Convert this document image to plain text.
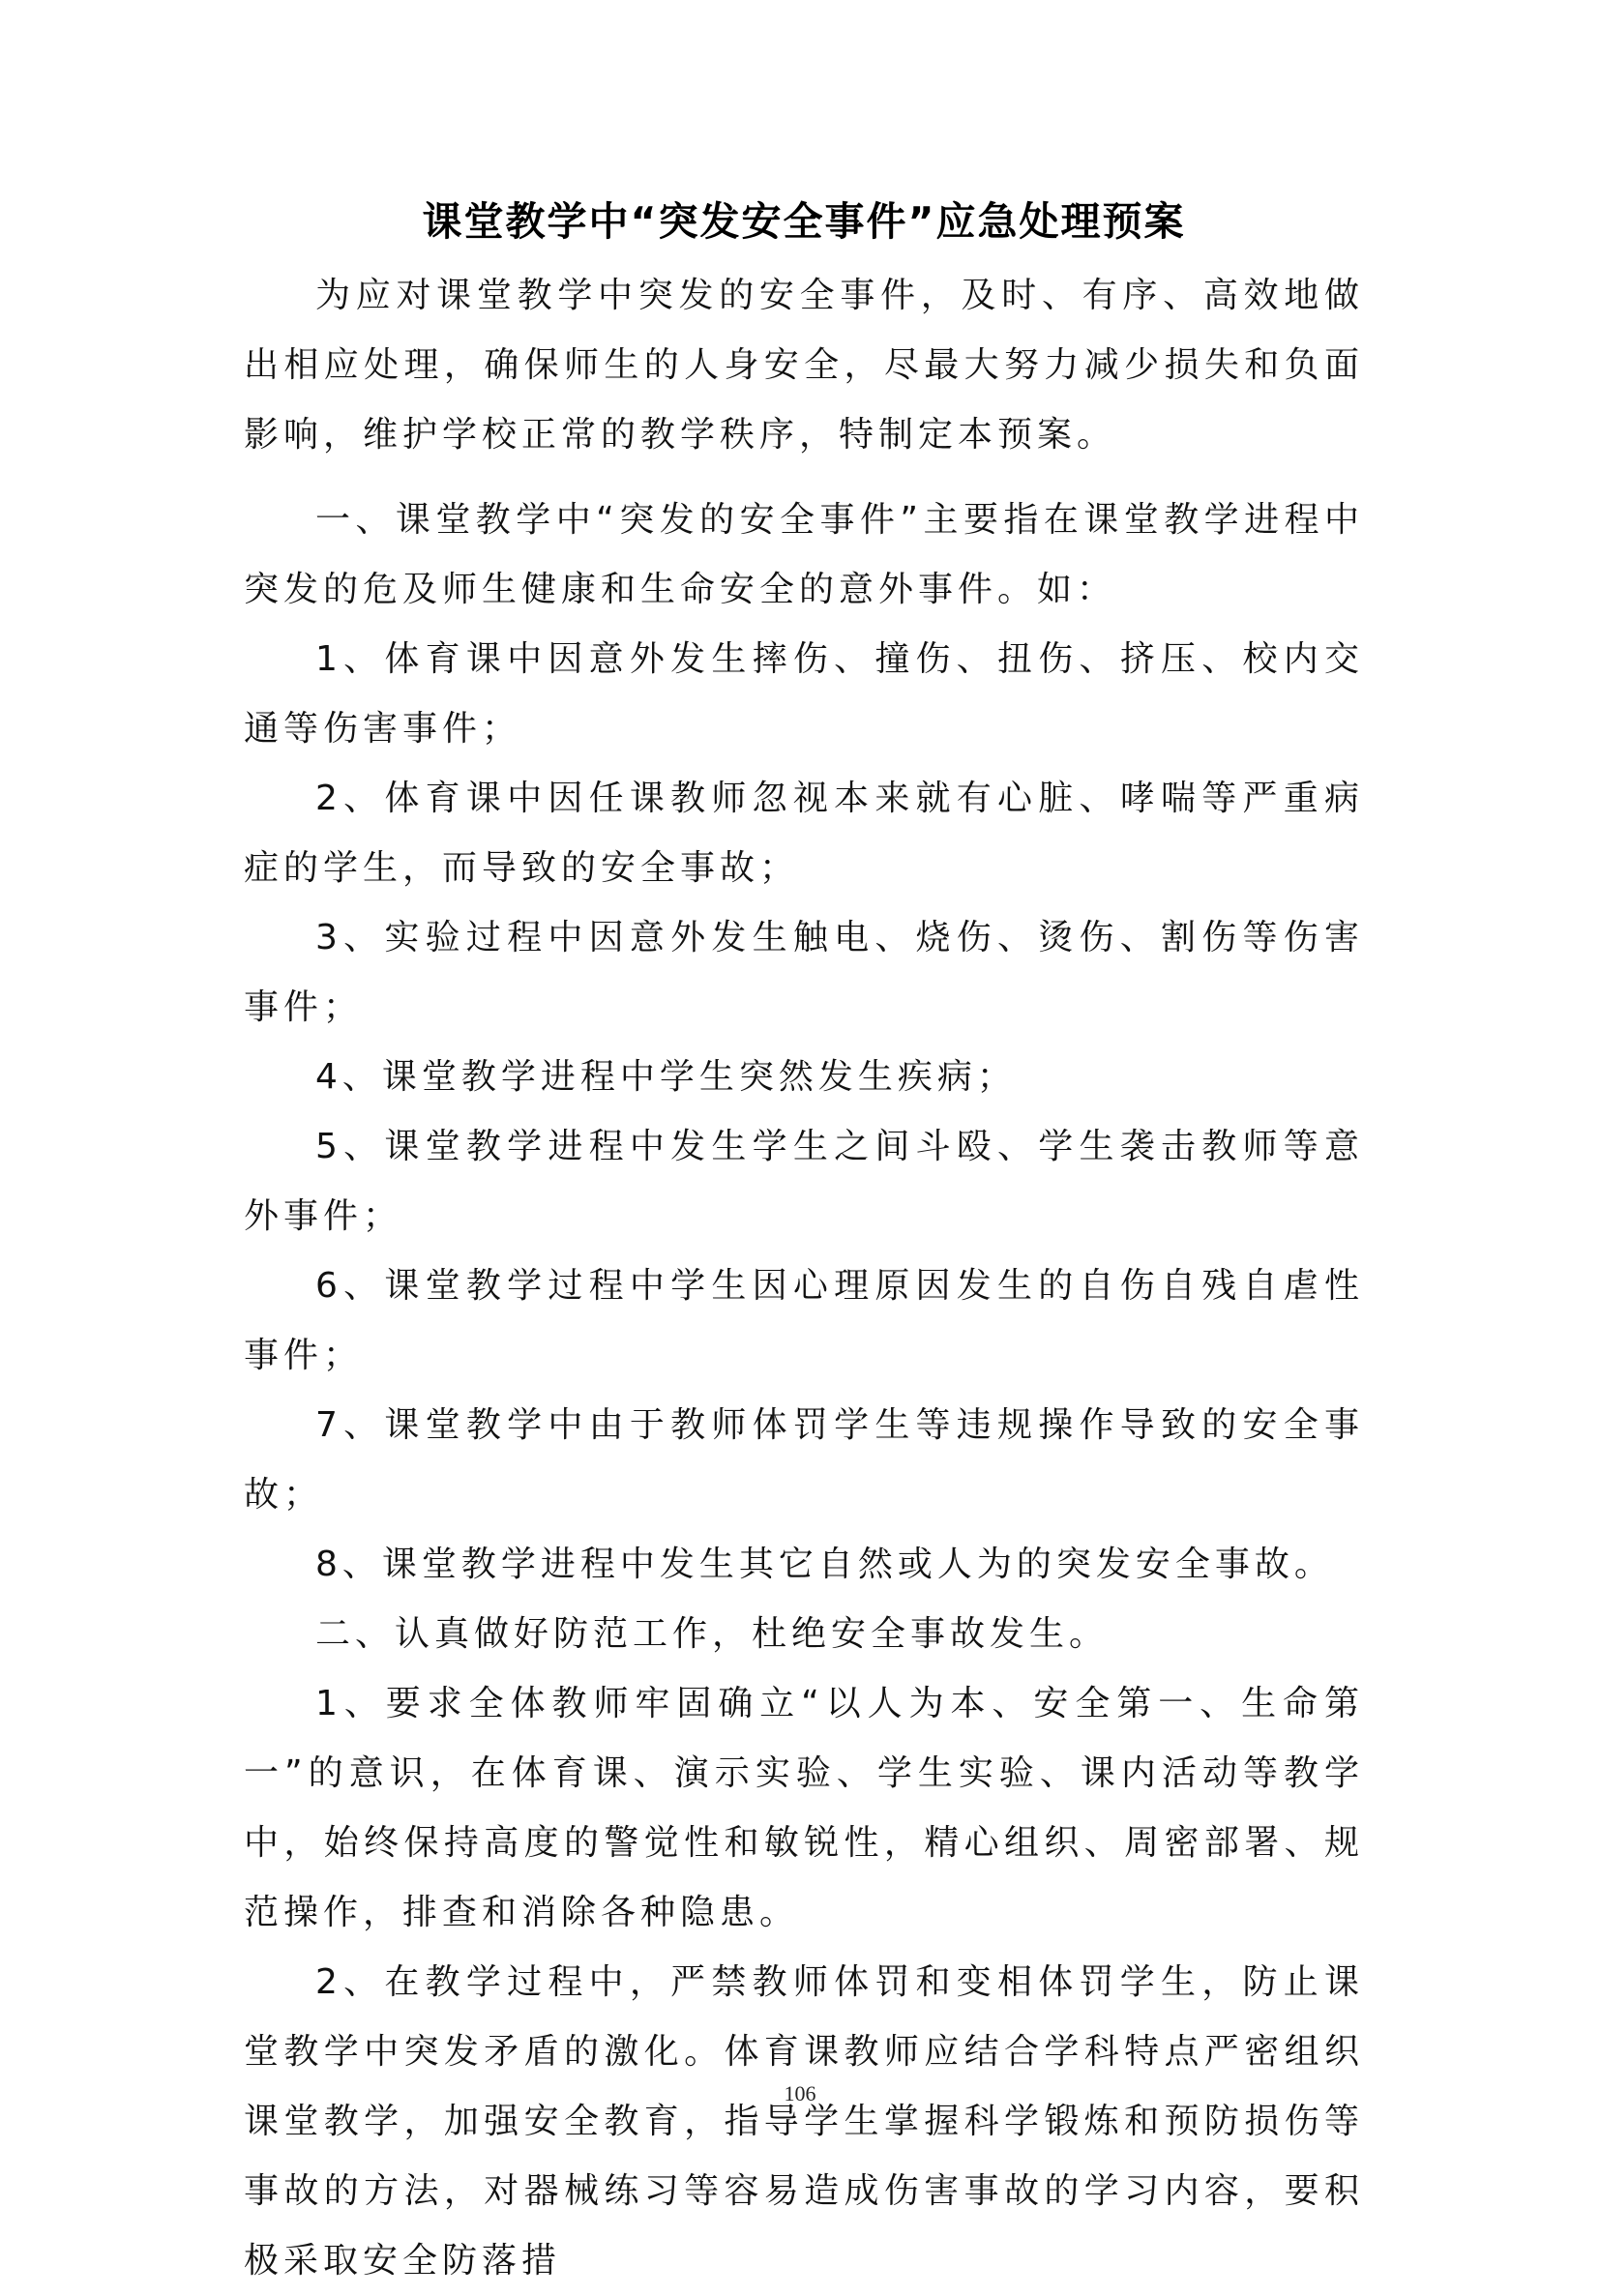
课堂教学中“突发安全事件”应急处理预案

为应对课堂教学中突发的安全事件，及时、有序、高效地做出相应处理，确保师生的人身安全，尽最大努力减少损失和负面影响，维护学校正常的教学秩序，特制定本预案。

一、课堂教学中“突发的安全事件”主要指在课堂教学进程中突发的危及师生健康和生命安全的意外事件。如：

1、体育课中因意外发生摔伤、撞伤、扭伤、挤压、校内交通等伤害事件；

2、体育课中因任课教师忽视本来就有心脏、哮喘等严重病症的学生，而导致的安全事故；

3、实验过程中因意外发生触电、烧伤、烫伤、割伤等伤害事件；

4、课堂教学进程中学生突然发生疾病；

5、课堂教学进程中发生学生之间斗殴、学生袭击教师等意外事件；

6、课堂教学过程中学生因心理原因发生的自伤自残自虐性事件；

7、课堂教学中由于教师体罚学生等违规操作导致的安全事故；

8、课堂教学进程中发生其它自然或人为的突发安全事故。

二、认真做好防范工作，杜绝安全事故发生。

1、要求全体教师牢固确立“以人为本、安全第一、生命第一”的意识，在体育课、演示实验、学生实验、课内活动等教学中，始终保持高度的警觉性和敏锐性，精心组织、周密部署、规范操作，排查和消除各种隐患。

2、在教学过程中，严禁教师体罚和变相体罚学生，防止课堂教学中突发矛盾的激化。体育课教师应结合学科特点严密组织课堂教学，加强安全教育，指导学生掌握科学锻炼和预防损伤等事故的方法，对器械练习等容易造成伤害事故的学习内容，要积极采取安全防落措

106
